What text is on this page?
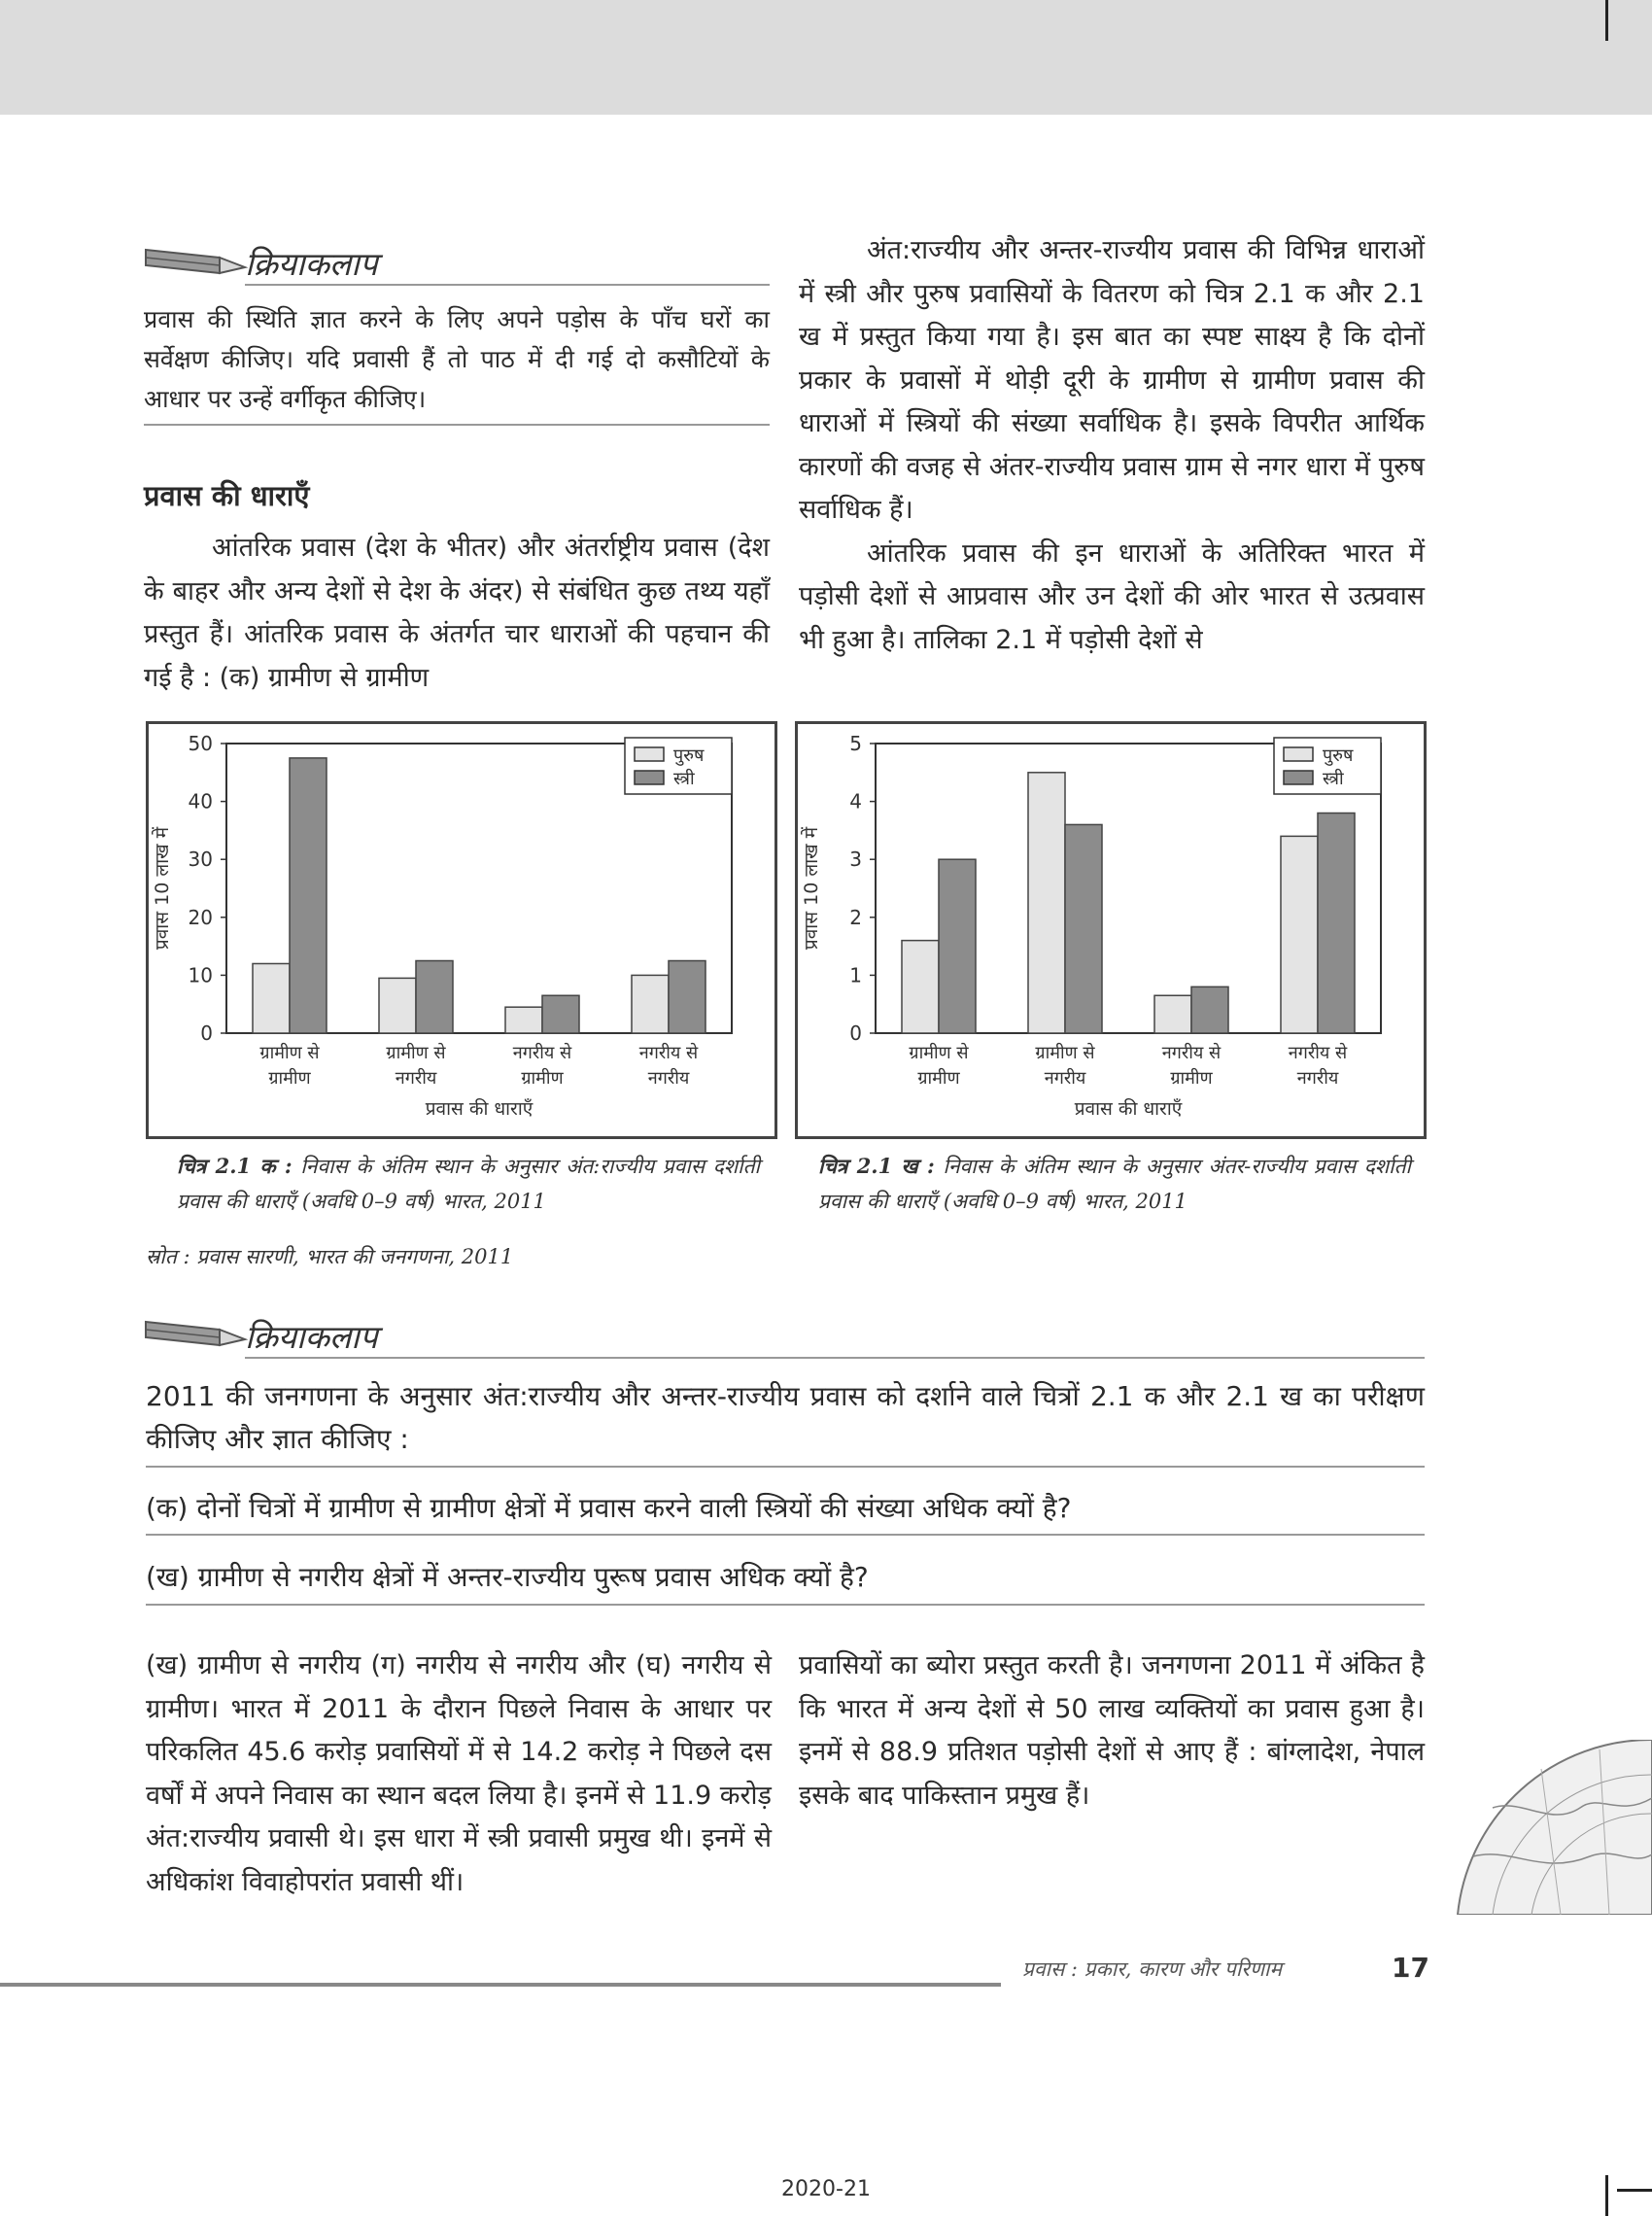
क्रियाकलाप
प्रवास की स्थिति ज्ञात करने के लिए अपने पड़ोस के पाँच घरों का सर्वेक्षण कीजिए। यदि प्रवासी हैं तो पाठ में दी गई दो कसौटियों के आधार पर उन्हें वर्गीकृत कीजिए।
प्रवास की धाराएँ

आंतरिक प्रवास (देश के भीतर) और अंतर्राष्ट्रीय प्रवास (देश के बाहर और अन्य देशों से देश के अंदर) से संबंधित कुछ तथ्य यहाँ प्रस्तुत हैं। आंतरिक प्रवास के अंतर्गत चार धाराओं की पहचान की गई है : (क) ग्रामीण से ग्रामीण

अंत:राज्यीय और अन्तर-राज्यीय प्रवास की विभिन्न धाराओं में स्त्री और पुरुष प्रवासियों के वितरण को चित्र 2.1 क और 2.1 ख में प्रस्तुत किया गया है। इस बात का स्पष्ट साक्ष्य है कि दोनों प्रकार के प्रवासों में थोड़ी दूरी के ग्रामीण से ग्रामीण प्रवास की धाराओं में स्त्रियों की संख्या सर्वाधिक है। इसके विपरीत आर्थिक कारणों की वजह से अंतर-राज्यीय प्रवास ग्राम से नगर धारा में पुरुष सर्वाधिक हैं।

आंतरिक प्रवास की इन धाराओं के अतिरिक्त भारत में पड़ोसी देशों से आप्रवास और उन देशों की ओर भारत से उत्प्रवास भी हुआ है। तालिका 2.1 में पड़ोसी देशों से

0
10
20
30
40
50
प्रवास 10 लाख में
ग्रामीण से
ग्रामीण
ग्रामीण से
नगरीय
नगरीय से
ग्रामीण
नगरीय से
नगरीय
प्रवास की धाराएँ
पुरुष
स्त्री
0
1
2
3
4
5
प्रवास 10 लाख में
ग्रामीण से
ग्रामीण
ग्रामीण से
नगरीय
नगरीय से
ग्रामीण
नगरीय से
नगरीय
प्रवास की धाराएँ
पुरुष
स्त्री
चित्र 2.1 क : निवास के अंतिम स्थान के अनुसार अंत:राज्यीय प्रवास दर्शाती प्रवास की धाराएँ (अवधि 0–9 वर्ष) भारत, 2011
चित्र 2.1 ख : निवास के अंतिम स्थान के अनुसार अंतर-राज्यीय प्रवास दर्शाती प्रवास की धाराएँ (अवधि 0–9 वर्ष) भारत, 2011
स्रोत : प्रवास सारणी, भारत की जनगणना, 2011
क्रियाकलाप
2011 की जनगणना के अनुसार अंत:राज्यीय और अन्तर-राज्यीय प्रवास को दर्शाने वाले चित्रों 2.1 क और 2.1 ख का परीक्षण कीजिए और ज्ञात कीजिए :
(क) दोनों चित्रों में ग्रामीण से ग्रामीण क्षेत्रों में प्रवास करने वाली स्त्रियों की संख्या अधिक क्यों है?
(ख) ग्रामीण से नगरीय क्षेत्रों में अन्तर-राज्यीय पुरूष प्रवास अधिक क्यों है?
(ख) ग्रामीण से नगरीय (ग) नगरीय से नगरीय और (घ) नगरीय से ग्रामीण। भारत में 2011 के दौरान पिछले निवास के आधार पर परिकलित 45.6 करोड़ प्रवासियों में से 14.2 करोड़ ने पिछले दस वर्षों में अपने निवास का स्थान बदल लिया है। इनमें से 11.9 करोड़ अंत:राज्यीय प्रवासी थे। इस धारा में स्त्री प्रवासी प्रमुख थी। इनमें से अधिकांश विवाहोपरांत प्रवासी थीं।
प्रवासियों का ब्योरा प्रस्तुत करती है। जनगणना 2011 में अंकित है कि भारत में अन्य देशों से 50 लाख व्यक्तियों का प्रवास हुआ है। इनमें से 88.9 प्रतिशत पड़ोसी देशों से आए हैं : बांग्लादेश, नेपाल इसके बाद पाकिस्तान प्रमुख हैं।
प्रवास : प्रकार, कारण और परिणाम	17
2020-21
